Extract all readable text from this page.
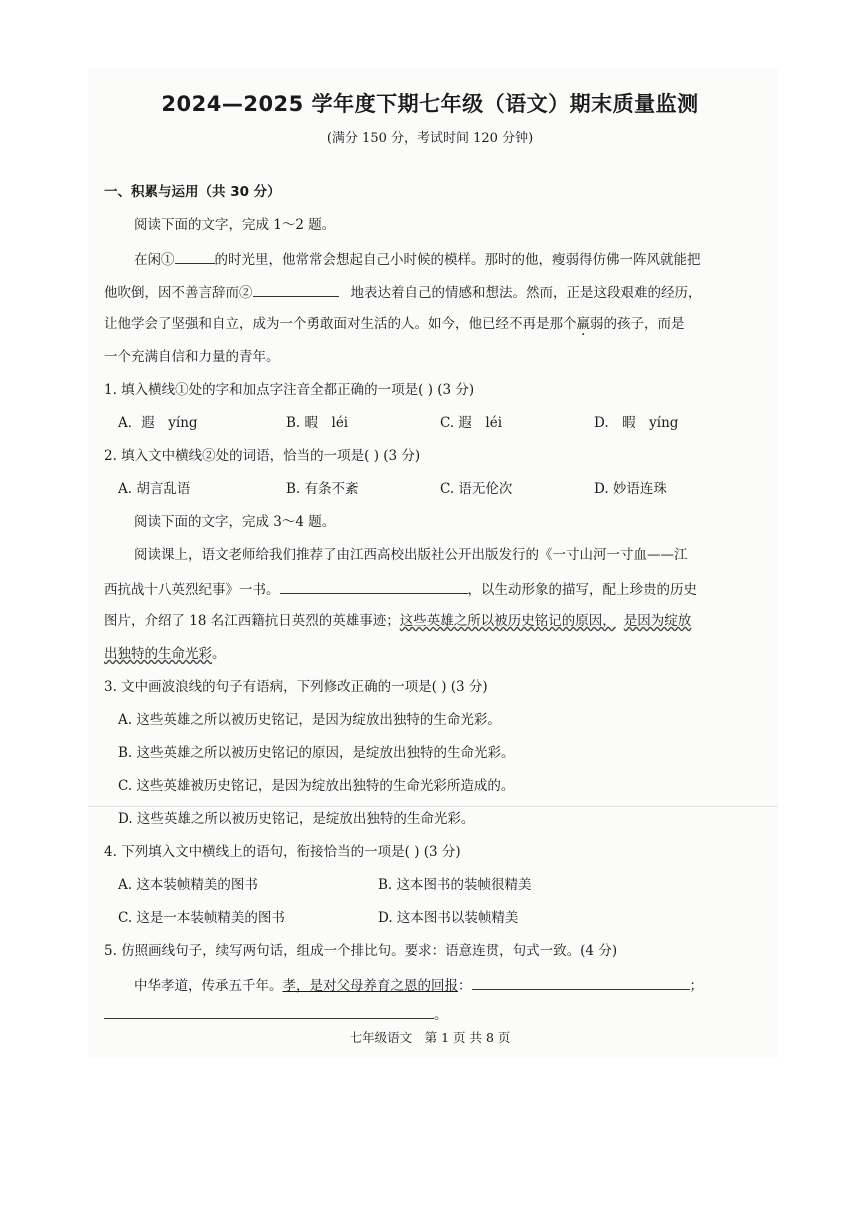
2024—2025 学年度下期七年级（语文）期末质量监测
(满分 150 分，考试时间 120 分钟)
一、积累与运用（共 30 分）
阅读下面的文字，完成 1～2 题。
在闲①	的时光里，他常常会想起自己小时候的模样。那时的他，瘦弱得仿佛一阵风就能把
他吹倒，因不善言辞而②	地表达着自己的情感和想法。然而，正是这段艰难的经历，
让他学会了坚强和自立，成为一个勇敢面对生活的人。如今，他已经不再是那个羸弱的孩子，而是
一个充满自信和力量的青年。
1. 填入横线①处的字和加点字注音全都正确的一项是( ) (3 分)
A．遐　yíng	B. 暇　léi	C. 遐　léi	D.　暇　yíng
2. 填入文中横线②处的词语，恰当的一项是( ) (3 分)
A. 胡言乱语	B. 有条不紊	C. 语无伦次	D. 妙语连珠
阅读下面的文字，完成 3～4 题。
阅读课上，语文老师给我们推荐了由江西高校出版社公开出版发行的《一寸山河一寸血——江
西抗战十八英烈纪事》一书。	，以生动形象的描写，配上珍贵的历史
图片，介绍了 18 名江西籍抗日英烈的英雄事迹；这些英雄之所以被历史铭记的原因， 是因为绽放
出独特的生命光彩。
3. 文中画波浪线的句子有语病，下列修改正确的一项是( ) (3 分)
A. 这些英雄之所以被历史铭记，是因为绽放出独特的生命光彩。
B. 这些英雄之所以被历史铭记的原因，是绽放出独特的生命光彩。
C. 这些英雄被历史铭记，是因为绽放出独特的生命光彩所造成的。
D. 这些英雄之所以被历史铭记，是绽放出独特的生命光彩。
4. 下列填入文中横线上的语句，衔接恰当的一项是( ) (3 分)
A. 这本装帧精美的图书	B. 这本图书的装帧很精美
C. 这是一本装帧精美的图书	D. 这本图书以装帧精美
5. 仿照画线句子，续写两句话，组成一个排比句。要求：语意连贯，句式一致。(4 分)
中华孝道，传承五千年。孝，是对父母养育之恩的回报：	；
。
七年级语文　第 1 页 共 8 页
